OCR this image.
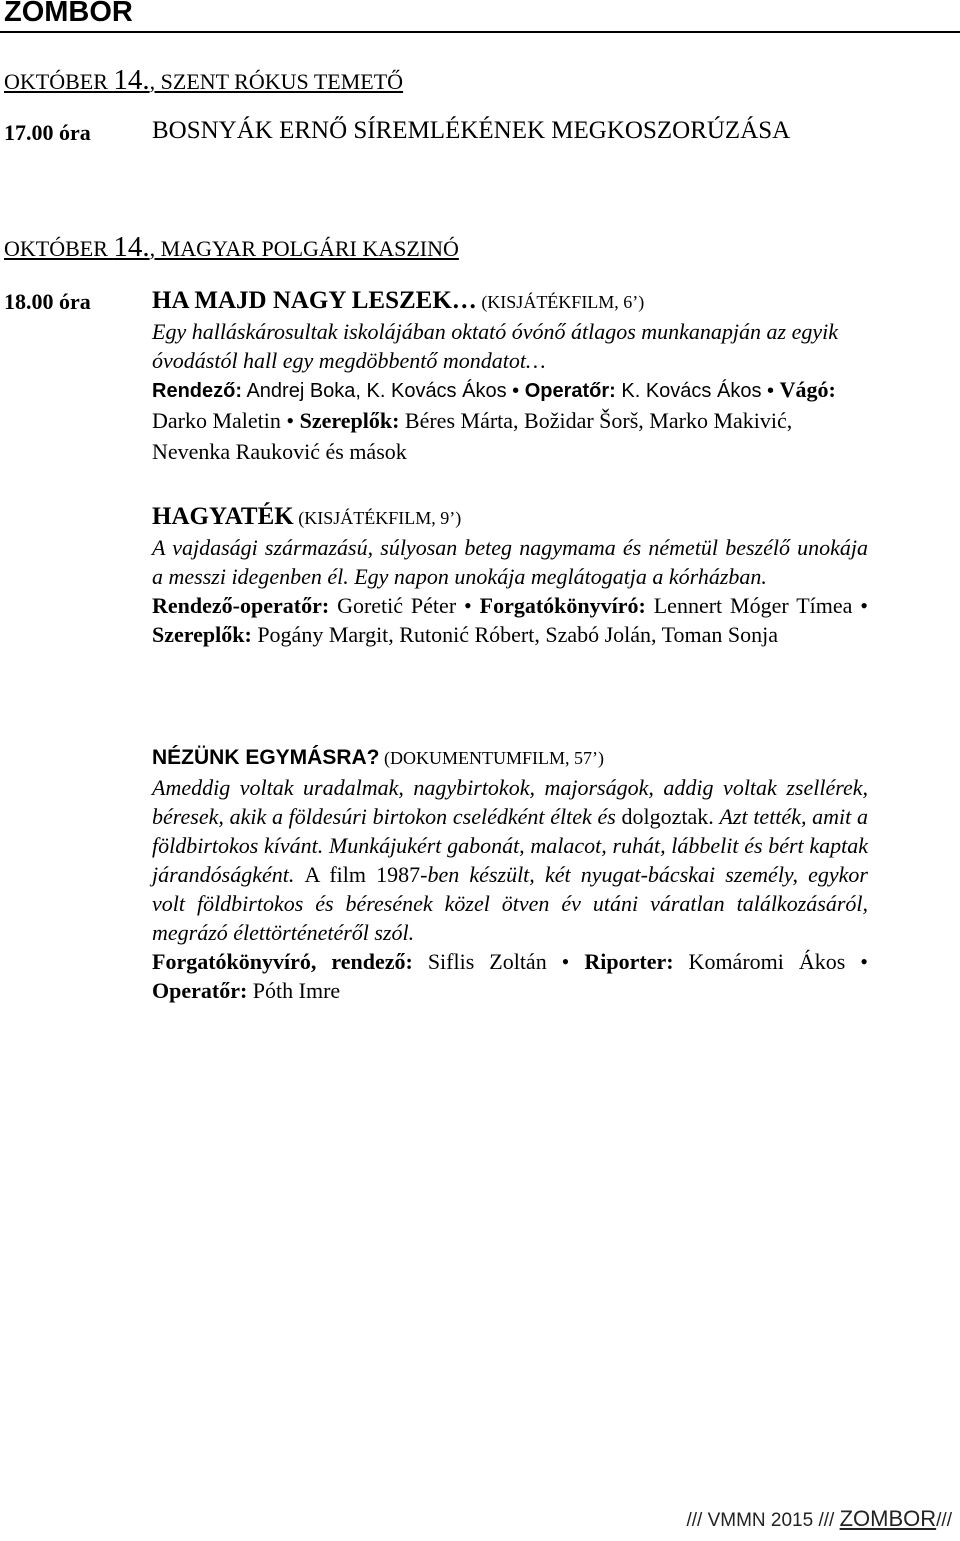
ZOMBOR
OKTÓBER 14., SZENT RÓKUS TEMETŐ
17.00 óra BOSNYÁK ERNŐ SÍREMLÉKÉNEK MEGKOSZORÚZÁSA
OKTÓBER 14., MAGYAR POLGÁRI KASZINÓ
18.00 óra HA MAJD NAGY LESZEK… (KISJÁTÉKFILM, 6’)
Egy halláskárosultak iskolájában oktató óvónő átlagos munkanapján az egyik óvodástól hall egy megdöbbentő mondatot…
Rendező: Andrej Boka, K. Kovács Ákos • Operatőr: K. Kovács Ákos • Vágó: Darko Maletin • Szereplők: Béres Márta, Božidar Šorš, Marko Makivić, Nevenka Rauković és mások
HAGYATÉK (KISJÁTÉKFILM, 9’)
A vajdasági származású, súlyosan beteg nagymama és németül beszélő unokája a messzi idegenben él. Egy napon unokája meglátogatja a kórházban.
Rendező-operatőr: Goretić Péter • Forgatókönyvíró: Lennert Móger Tímea • Szereplők: Pogány Margit, Rutonić Róbert, Szabó Jolán, Toman Sonja
NÉZÜNK EGYMÁSRA? (DOKUMENTUMFILM, 57’)
Ameddig voltak uradalmak, nagybirtokok, majorságok, addig voltak zsellérek, béresek, akik a földesúri birtokon cselédként éltek és dolgoztak. Azt tették, amit a földbirtokos kívánt. Munkájukért gabonát, malacot, ruhát, lábbelit és bért kaptak járandóságként. A film 1987-ben készült, két nyugat-bácskai személy, egykor volt földbirtokos és béresének közel ötven év utáni váratlan találkozásáról, megrázó élettörténetéről szól.
Forgatókönyvíró, rendező: Siflis Zoltán • Riporter: Komáromi Ákos • Operatőr: Póth Imre
/// VMMN 2015 /// ZOMBOR///
